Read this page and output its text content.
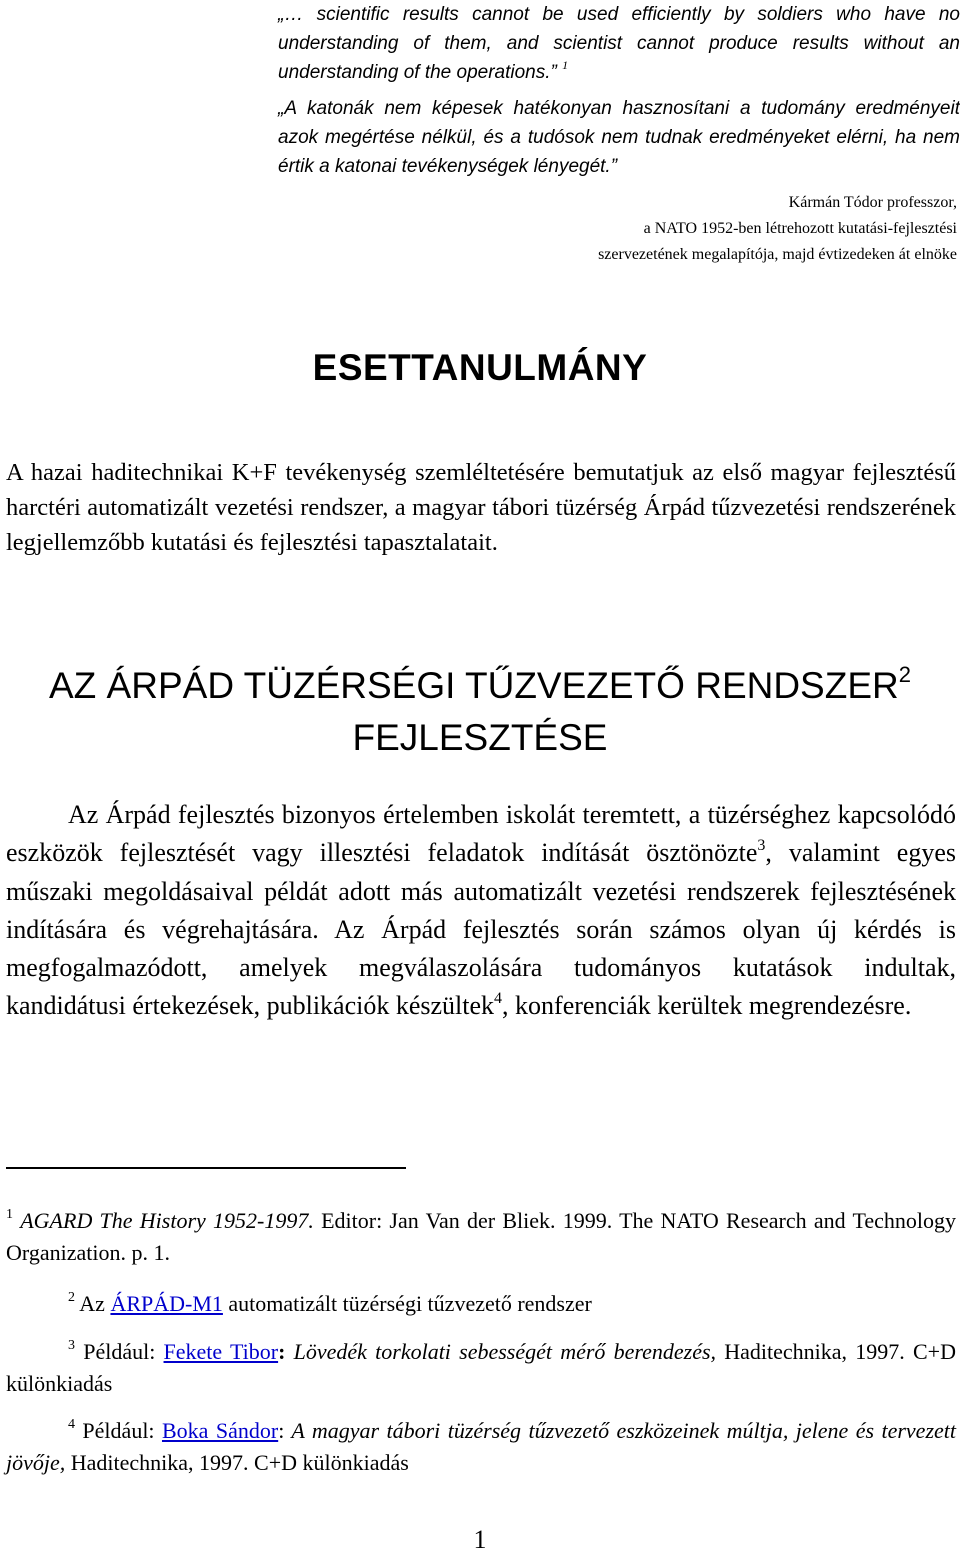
„… scientific results cannot be used efficiently by soldiers who have no understanding of them, and scientist cannot produce results without an understanding of the operations.” $^1$
„A katonák nem képesek hatékonyan hasznosítani a tudomány eredményeit azok megértése nélkül, és a tudósok nem tudnak eredményeket elérni, ha nem értik a katonai tevékenységek lényegét.”
Kármán Tódor professzor,
a NATO 1952-ben létrehozott kutatási-fejlesztési
szervezetének megalapítója, majd évtizedeken át elnöke
ESETTANULMÁNY
A hazai haditechnikai K+F tevékenység szemléltetésére bemutatjuk az első magyar fejlesztésű harctéri automatizált vezetési rendszer, a magyar tábori tüzérség Árpád tűzvezetési rendszerének legjellemzőbb kutatási és fejlesztési tapasztalatait.
AZ ÁRPÁD TÜZÉRSÉGI TŰZVEZETŐ RENDSZER$^2$
FEJLESZTÉSE

Az Árpád fejlesztés bizonyos értelemben iskolát teremtett, a tüzérséghez kapcsolódó eszközök fejlesztését vagy illesztési feladatok indítását ösztönözte$^3$, valamint egyes műszaki megoldásaival példát adott más automatizált vezetési rendszerek fejlesztésének indítására és végrehajtására. Az Árpád fejlesztés során számos olyan új kérdés is megfogalmazódott, amelyek megválaszolására tudományos kutatások indultak, kandidátusi értekezések, publikációk készültek$^4$, konferenciák kerültek megrendezésre.

$^1$ AGARD The History 1952-1997. Editor: Jan Van der Bliek. 1999. The NATO Research and Technology Organization. p. 1.
$^2$ Az ÁRPÁD-M1 automatizált tüzérségi tűzvezető rendszer
$^3$ Például: Fekete Tibor: Lövedék torkolati sebességét mérő berendezés, Haditechnika, 1997. C+D különkiadás
$^4$ Például: Boka Sándor: A magyar tábori tüzérség tűzvezető eszközeinek múltja, jelene és tervezett jövője, Haditechnika, 1997. C+D különkiadás
1
